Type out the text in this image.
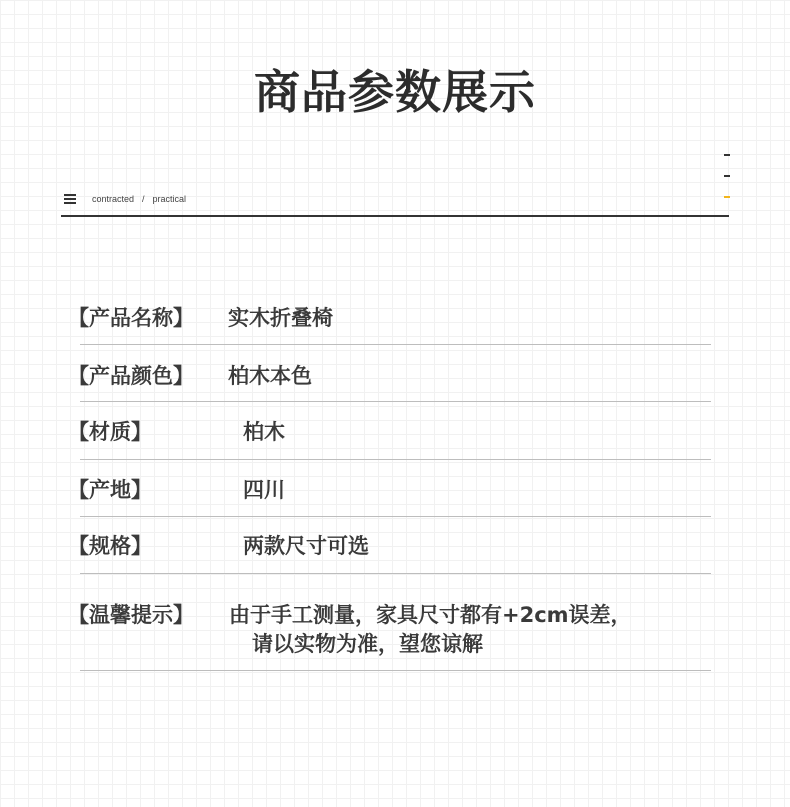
商品参数展示
contracted / practical
【产品名称】 实木折叠椅
【产品颜色】 柏木本色
【材质】	柏木
【产地】	四川
【规格】	两款尺寸可选
【温馨提示】 由于手工测量，家具尺寸都有+2cm误差，
请以实物为准，望您谅解
